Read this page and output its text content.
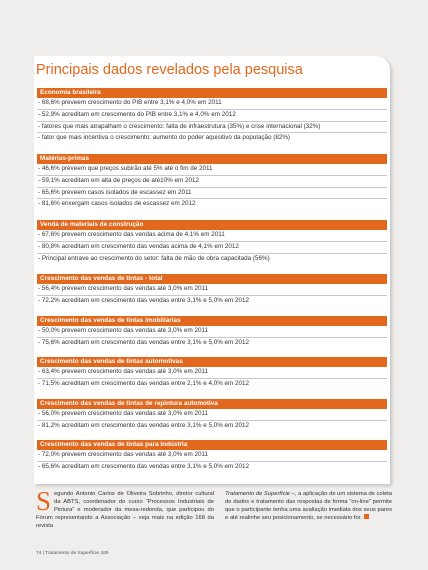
Principais dados revelados pela pesquisa
Economia brasileira
- 68,6% preveem crescimento do PIB entre 3,1% e 4,0% em 2011
- 52,9% acreditam em crescimento do PIB entre 3,1% e 4,0% em 2012
- fatores que mais atrapalham o crescimento: falta de infraestrutura (35%) e crise internacional (32%)
- fator que mais incentiva o crescimento: aumento do poder aquisitivo da população (82%)
Matérias-primas
- 46,6% preveem que preços subirão até 5% até o fim de 2011
- 59,1% acreditam em alta de preços de até10% em 2012
- 65,6% preveem casos isolados de escassez em 2011
- 81,6% enxergam casos isolados de escassez em 2012
Venda de materiais de construção
- 67,6% preveem crescimento das vendas acima de 4,1% em 2011
- 80,8% acreditam em crescimento das vendas acima de 4,1% em 2012
- Principal entrave ao crescimento do setor: falta de mão de obra capacitada (56%)
Crescimento das vendas de tintas - total
- 56,4% preveem crescimento das vendas até 3,0% em 2011
- 72,2% acreditam em crescimento das vendas entre 3,1% e 5,0% em 2012
Crescimento das vendas de tintas imobiliárias
- 50,0% preveem crescimento das vendas até 3,0% em 2011
- 75,6% acreditam em crescimento das vendas entre 3,1% e 5,0% em 2012
Crescimento das vendas de tintas automotivas
- 63,4% preveem crescimento das vendas até 3,0% em 2011
- 71,5% acreditam em crescimento das vendas entre 2,1% e 4,0% em 2012
Crescimento das vendas de tintas de repintura automotiva
- 56,0% preveem crescimento das vendas até 3,0% em 2011
- 81,2% acreditam em crescimento das vendas entre 3,1% e 5,0% em 2012
Crescimento das vendas de tintas para indústria
- 72,0% preveem crescimento das vendas até 3,0% em 2011
- 65,6% acreditam em crescimento das vendas entre 3,1% e 5,0% em 2012

Segundo Antonio Carlos de Oliveira Sobrinho, diretor cultural da ABTS, coordenador do curso “Processos Industriais de Pintura” e moderador da mesa-redonda, que participou do Fórum representando a Associação – veja mais na edição 168 da revista

Tratamento de Superfície –, a aplicação de um sistema de coleta de dados e tratamento das respostas de forma “on-line” permite que o participante tenha uma avaliação imediata dos seus pares e até realinhe seu posicionamento, se necessário for.

74 | Tratamento de Superfície 169
